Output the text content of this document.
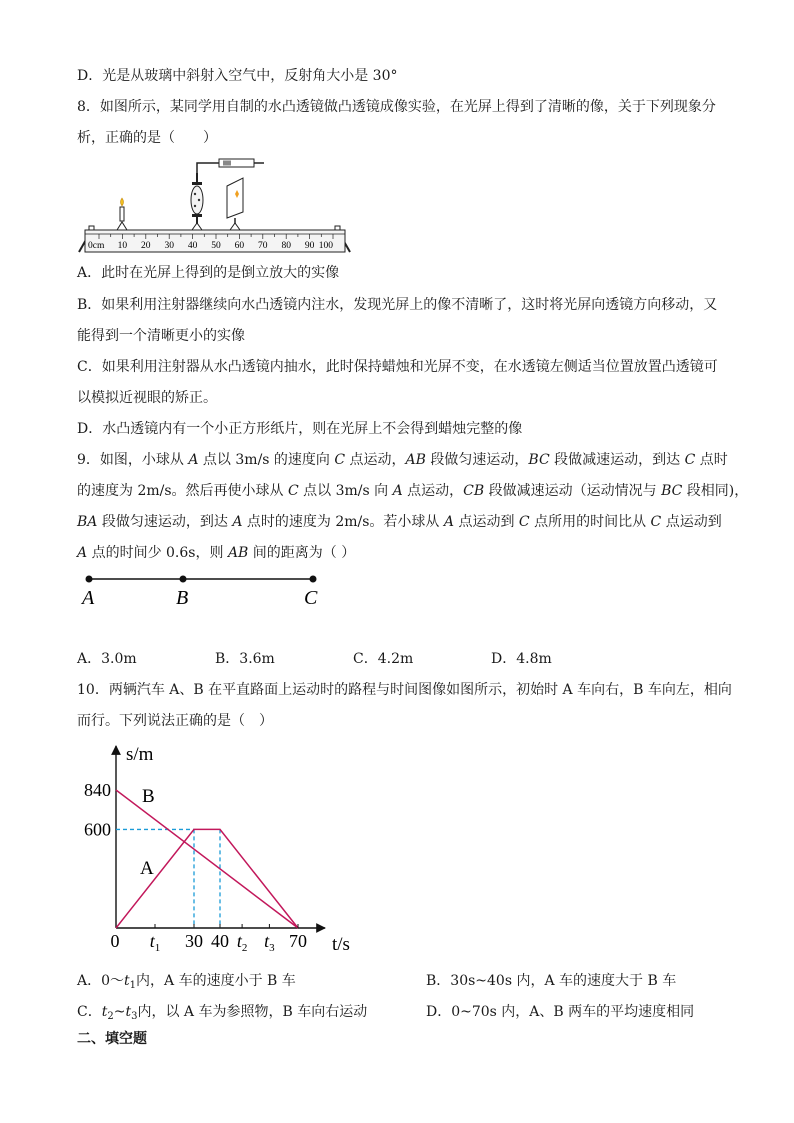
D．光是从玻璃中斜射入空气中，反射角大小是 30°
8．如图所示，某同学用自制的水凸透镜做凸透镜成像实验，在光屏上得到了清晰的像，关于下列现象分
析，正确的是（　　）
0cm 10 20 30 40 50 60 70 80 90 100
A．此时在光屏上得到的是倒立放大的实像
B．如果利用注射器继续向水凸透镜内注水，发现光屏上的像不清晰了，这时将光屏向透镜方向移动，又
能得到一个清晰更小的实像
C．如果利用注射器从水凸透镜内抽水，此时保持蜡烛和光屏不变，在水透镜左侧适当位置放置凸透镜可
以模拟近视眼的矫正。
D．水凸透镜内有一个小正方形纸片，则在光屏上不会得到蜡烛完整的像
9．如图，小球从 A 点以 3m/s 的速度向 C 点运动，AB 段做匀速运动，BC 段做减速运动，到达 C 点时
的速度为 2m/s。然后再使小球从 C 点以 3m/s 向 A 点运动，CB 段做减速运动（运动情况与 BC 段相同)，
BA 段做匀速运动，到达 A 点时的速度为 2m/s。若小球从 A 点运动到 C 点所用的时间比从 C 点运动到
A 点的时间少 0.6s，则 AB 间的距离为（ ）
A	B	C
A．3.0m	B．3.6m	C．4.2m	D．4.8m
10．两辆汽车 A、B 在平直路面上运动时的路程与时间图像如图所示，初始时 A 车向右，B 车向左，相向
而行。下列说法正确的是（　）
600
840
0 $t_1$ 30 40 $t_2$ $t_3$ 70
s/m
t/s
B
A
A．$0\sim t_1$内，A 车的速度小于 B 车	B．30s~40s 内，A 车的速度大于 B 车
C．$t_2\sim t_3$内，以 A 车为参照物，B 车向右运动	D．0~70s 内，A、B 两车的平均速度相同
二、填空题
